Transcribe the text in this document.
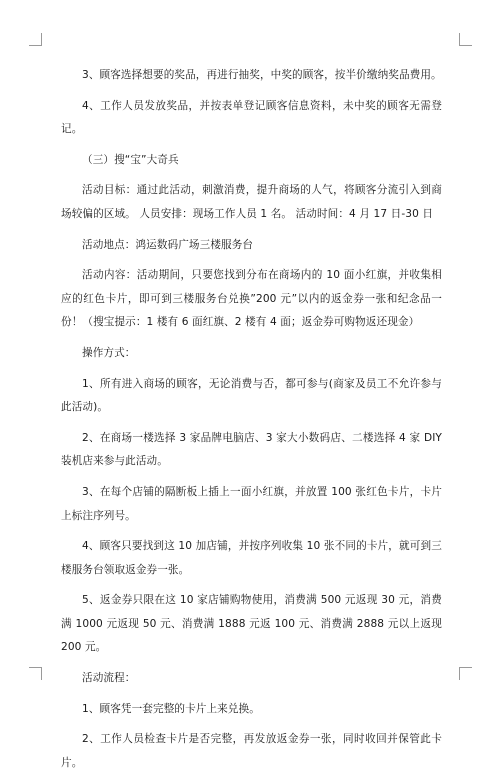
3、顾客选择想要的奖品，再进行抽奖，中奖的顾客，按半价缴纳奖品费用。

4、工作人员发放奖品，并按表单登记顾客信息资料，未中奖的顾客无需登记。

（三）搜“宝”大奇兵

活动目标：通过此活动，刺激消费，提升商场的人气，将顾客分流引入到商场较偏的区域。 人员安排：现场工作人员 1 名。 活动时间：4 月 17 日-30 日

活动地点：鸿运数码广场三楼服务台

活动内容：活动期间，只要您找到分布在商场内的 10 面小红旗，并收集相应的红色卡片，即可到三楼服务台兑换”200 元”以内的返金券一张和纪念品一份！（搜宝提示：1 楼有 6 面红旗、2 楼有 4 面；返金券可购物返还现金）

操作方式：

1、所有进入商场的顾客，无论消费与否，都可参与(商家及员工不允许参与此活动)。

2、在商场一楼选择 3 家品牌电脑店、3 家大小数码店、二楼选择 4 家 DIY 装机店来参与此活动。

3、在每个店铺的隔断板上插上一面小红旗，并放置 100 张红色卡片，卡片上标注序列号。

4、顾客只要找到这 10 加店铺，并按序列收集 10 张不同的卡片，就可到三楼服务台领取返金券一张。

5、返金券只限在这 10 家店铺购物使用，消费满 500 元返现 30 元，消费满 1000 元返现 50 元、消费满 1888 元返 100 元、消费满 2888 元以上返现 200 元。

活动流程：

1、顾客凭一套完整的卡片上来兑换。

2、工作人员检查卡片是否完整，再发放返金券一张，同时收回并保管此卡片。
